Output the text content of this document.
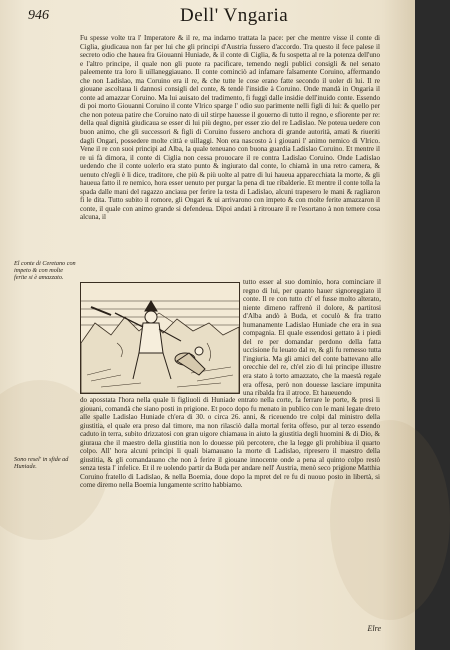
946	Dell' Vngaria

Fu spesse volte tra l' Imperatore & il re, ma indarno trattata la pace: per che mentre visse il conte di Ciglia, giudicaua non far per lui che gli principi d'Austria fussero d'accordo. Tra questo il fece palese il secreto odio che hauea fra Giouanni Huniade, & il conte di Ciglia, & fu sospetta al re la potenza dell'uno e l'altro principe, il quale non gli puote ra pacificare, temendo negli publici consigli & nel senato paleemente tra loro li uillaneggiauano. Il conte cominciò ad infamare falsamente Coruino, affermando che non Ladislao, ma Coruino era il re, & che tutte le cose erano fatte secondo il uoler di lui. Il re giouane ascoltaua li dannosi consigli del conte, & tendè l'insidie à Coruino. Onde mandà in Ongaria il conte ad amazzar Coruino. Ma lui auisato del tradimento, fi fuggì dalle insidie dell'inuido conte. Essendo di poi morto Giouanni Coruino il conte Vlrico sparge l' odio suo parimente nelli figli di lui: & quello per che non poteua patire che Coruino nato di uil stirpe hauesse il gouerno di tutto il regno, e sfiorente per re: della qual dignità giudicaua se esser di lui più degno, per esser zio del re Ladislao. Ne poteua uedere con buon animo, che gli successori & figli di Coruino fussero anchora di grande autorità, amati & riueriti dagli Ongari, possedere molte città e uillaggi. Non era nascosto à i giouani l' animo nemico di Vlrico. Vene il re con suoi principi ad Alba, la quale teneuano con buona guardia Ladislao Coruino. Et mentre il re ui fà dimora, il conte di Ciglia non cessa prouocare il re contra Ladislao Coruino. Onde Ladislao uedendo che il conte uolerlo era stato punto & ingiurato dal conte, lo chiamà in una retro camera, & uenuto ch'egli è li dice, traditore, che più & più uolte al patre di lui haueua apparecchiata la morte, & gli haueua fatto il re nemico, hora esser uenuto per purgar la pena di tue ribalderie. Et mentre il conte tolla la spada dalle mani del ragazzo anciaua per ferire la testa di Ladislao, alcuni trapesero le mani & ragliaron fi le dita. Tutto subito il romore, gli Ongari & ui arrivarono con impeto & con molte ferite amazzaron il conte, il quale con animo grande si defendeua. Dipoi andati à ritrouare il re l'esortano à non temere cosa alcuna, il

El conte di Ceretano con impeto & con molte ferite si è amazzato.

tutto esser al suo dominio, hora cominciare il regno di lui, per quanto hauer signoreggiato il conte. Il re con tutto ch' el fusse molto alterato, niente dimeno raffrenò il dolore, & partitosi d'Alba andò à Buda, et coculò & fra tratto humanamente Ladislao Huniade che era in sua compagnia. El quale essendosi gettato à i piedi del re per domandar perdono della fatta uccisione fu leuato dal re, & gli fu remesso tutta l'ingiuria. Ma gli amici del conte battevano alle orecchie del re, ch'el zio di lui principe illustre era stato à torto amazzato, che la maestà regale era offesa, però non douesse lasciare impunita una ribalda fra il atroce. Et haueuendo

Sono resel' in sfide ad Huniade.

do aposstata l'hora nella quale li figliuoli di Huniade entrato nella corte, fa ferrare le porte, & presi li giouani, comandà che siano posti in prigione. Et poco dopo fu menato in publico con le mani legate dreto alle spalle Ladislao Huniade ch'era di 30. o circa 26. anni, & riceuendo tre colpi dal ministro della giustitia, el quale era preso dal timore, ma non rilasciò dalla mortal ferita offeso, pur al terzo essendo caduto in terra, subito drizzatosi con gran uigore chiamaua in aiuto la giustitia degli huomini & di Dio, & giuraua che il maestro della giustitia non lo douesse più percotere, che la legge gli prohibiua il quarto colpo. All' hora alcuni principi li quali biamauano la morte di Ladislao, ripresero il maestro della giustitia, & gli comandauano che non à ferire il giouane innocente onde a pena al quinto colpo restò senza testa l' infelice. Et il re uolendo partir da Buda per andare nell' Austria, menò seco prigione Matthia Coruino fratello di Ladislao, & nella Boemia, doue dopo la mpret del re fu di nuouo posto in libertà, si come diremo nella Boemia lungamente scritto habbiamo.

Elre
